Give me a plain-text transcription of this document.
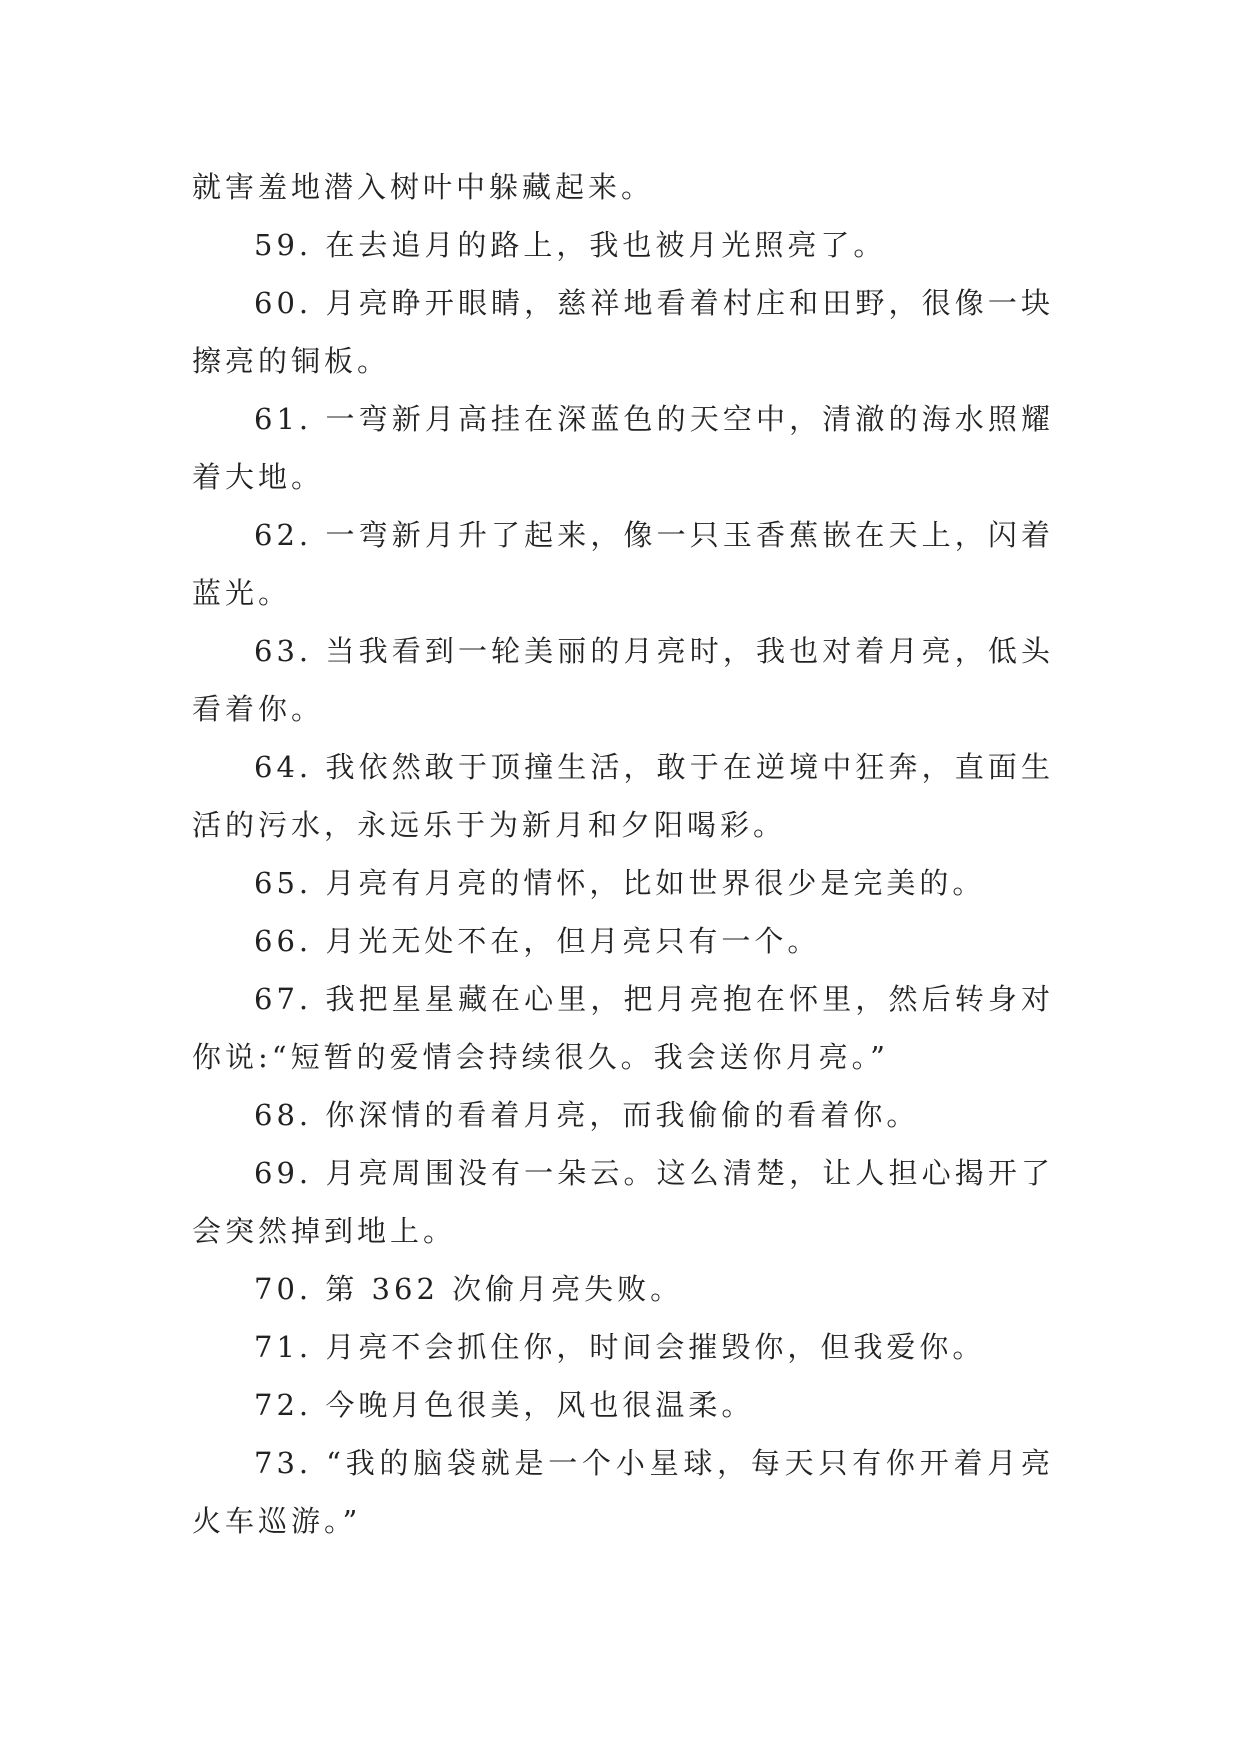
就害羞地潜入树叶中躲藏起来。

59. 在去追月的路上，我也被月光照亮了。

60. 月亮睁开眼睛，慈祥地看着村庄和田野，很像一块擦亮的铜板。

61. 一弯新月高挂在深蓝色的天空中，清澈的海水照耀着大地。

62. 一弯新月升了起来，像一只玉香蕉嵌在天上，闪着蓝光。

63. 当我看到一轮美丽的月亮时，我也对着月亮，低头看着你。

64. 我依然敢于顶撞生活，敢于在逆境中狂奔，直面生活的污水，永远乐于为新月和夕阳喝彩。

65. 月亮有月亮的情怀，比如世界很少是完美的。

66. 月光无处不在，但月亮只有一个。

67. 我把星星藏在心里，把月亮抱在怀里，然后转身对你说:“短暂的爱情会持续很久。我会送你月亮。”

68. 你深情的看着月亮，而我偷偷的看着你。

69. 月亮周围没有一朵云。这么清楚，让人担心揭开了会突然掉到地上。

70. 第 362 次偷月亮失败。

71. 月亮不会抓住你，时间会摧毁你，但我爱你。

72. 今晚月色很美，风也很温柔。

73. “我的脑袋就是一个小星球，每天只有你开着月亮火车巡游。”
